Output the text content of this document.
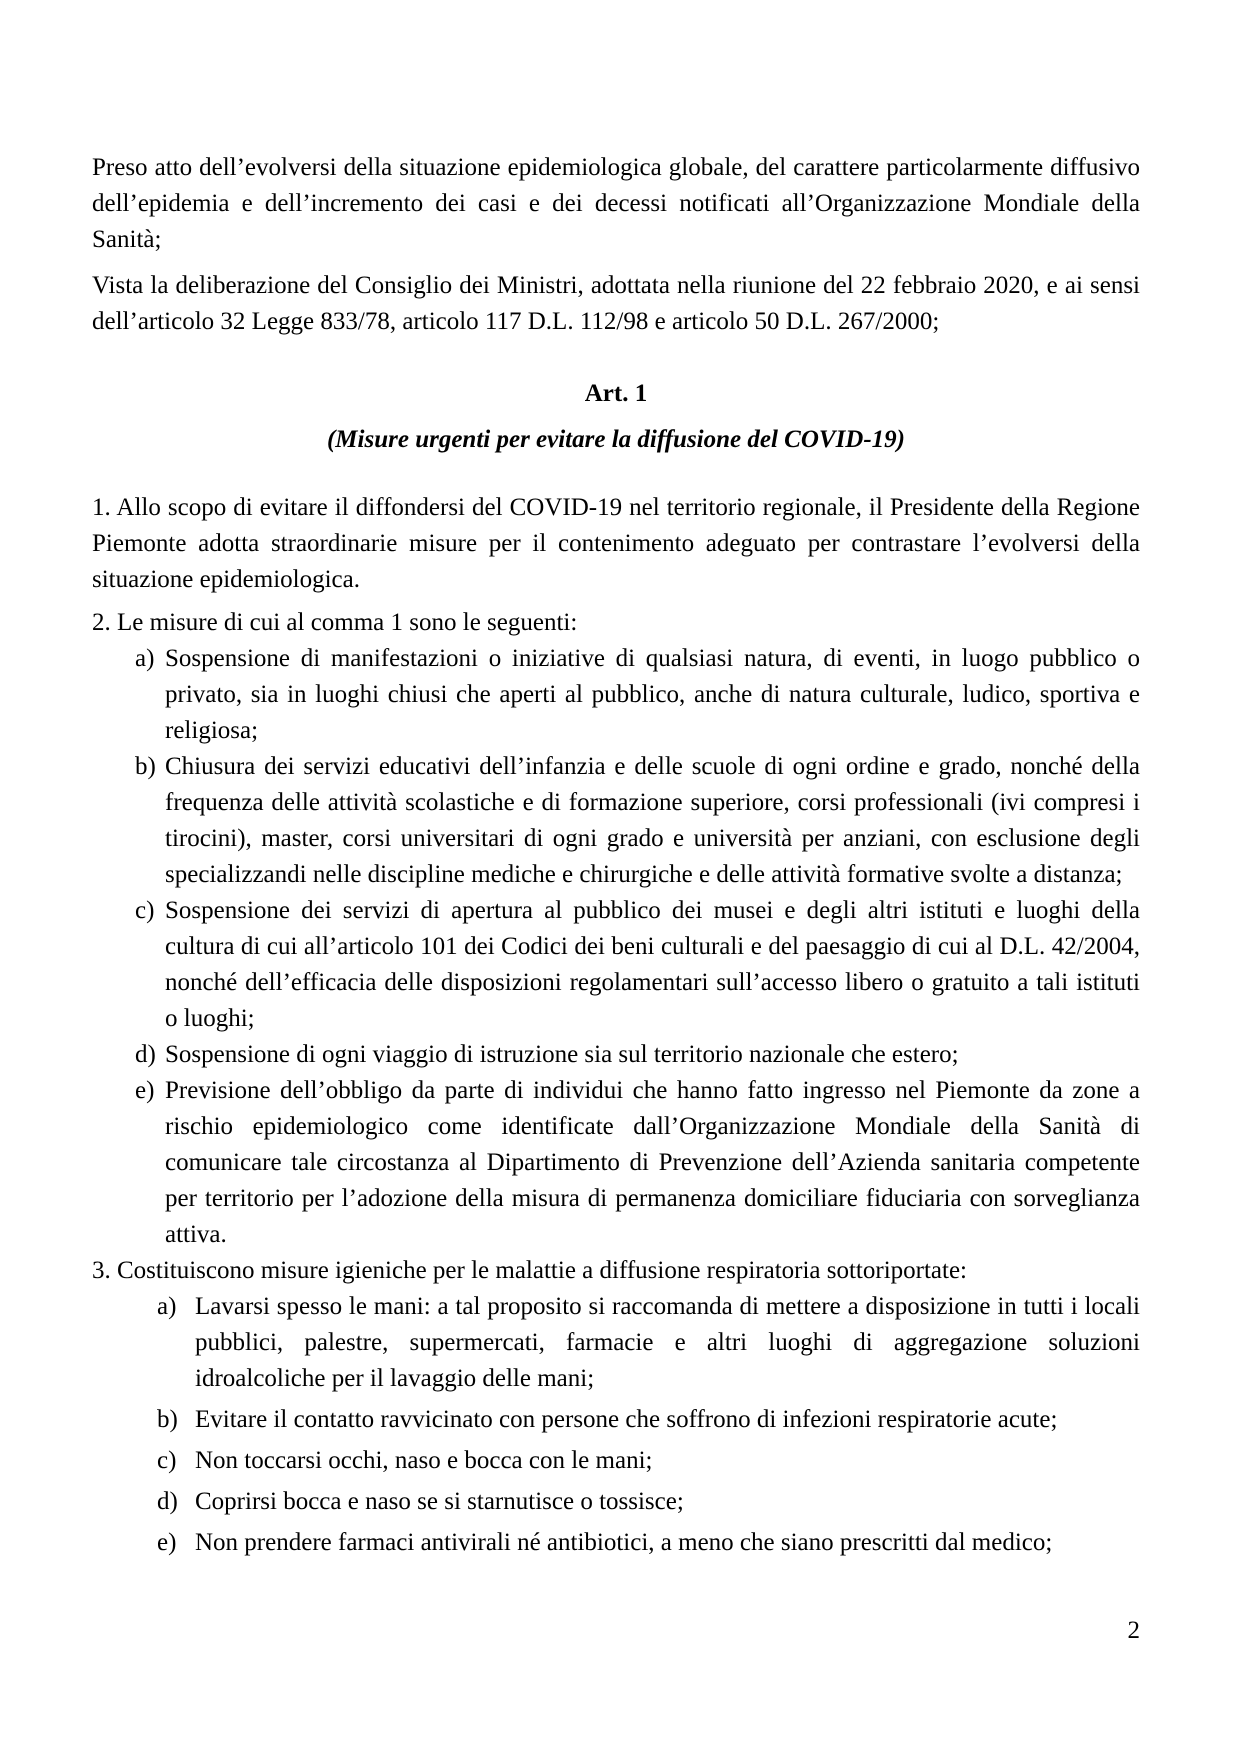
Preso atto dell’evolversi della situazione epidemiologica globale, del carattere particolarmente diffusivo dell’epidemia e dell’incremento dei casi e dei decessi notificati all’Organizzazione Mondiale della Sanità;

Vista la deliberazione del Consiglio dei Ministri, adottata nella riunione del 22 febbraio 2020, e ai sensi dell’articolo 32 Legge 833/78, articolo 117 D.L. 112/98 e articolo 50 D.L. 267/2000;

Art. 1
(Misure urgenti per evitare la diffusione del COVID-19)

1. Allo scopo di evitare il diffondersi del COVID-19 nel territorio regionale, il Presidente della Regione Piemonte adotta straordinarie misure per il contenimento adeguato per contrastare l’evolversi della situazione epidemiologica.

2. Le misure di cui al comma 1 sono le seguenti:

a) Sospensione di manifestazioni o iniziative di qualsiasi natura, di eventi, in luogo pubblico o privato, sia in luoghi chiusi che aperti al pubblico, anche di natura culturale, ludico, sportiva e religiosa;
b) Chiusura dei servizi educativi dell’infanzia e delle scuole di ogni ordine e grado, nonché della frequenza delle attività scolastiche e di formazione superiore, corsi professionali (ivi compresi i tirocini), master, corsi universitari di ogni grado e università per anziani, con esclusione degli specializzandi nelle discipline mediche e chirurgiche e delle attività formative svolte a distanza;
c) Sospensione dei servizi di apertura al pubblico dei musei e degli altri istituti e luoghi della cultura di cui all’articolo 101 dei Codici dei beni culturali e del paesaggio di cui al D.L. 42/2004, nonché dell’efficacia delle disposizioni regolamentari sull’accesso libero o gratuito a tali istituti o luoghi;
d) Sospensione di ogni viaggio di istruzione sia sul territorio nazionale che estero;
e) Previsione dell’obbligo da parte di individui che hanno fatto ingresso nel Piemonte da zone a rischio epidemiologico come identificate dall’Organizzazione Mondiale della Sanità di comunicare tale circostanza al Dipartimento di Prevenzione dell’Azienda sanitaria competente per territorio per l’adozione della misura di permanenza domiciliare fiduciaria con sorveglianza attiva.

3. Costituiscono misure igieniche per le malattie a diffusione respiratoria sottoriportate:

a) Lavarsi spesso le mani: a tal proposito si raccomanda di mettere a disposizione in tutti i locali pubblici, palestre, supermercati, farmacie e altri luoghi di aggregazione soluzioni idroalcoliche per il lavaggio delle mani;
b) Evitare il contatto ravvicinato con persone che soffrono di infezioni respiratorie acute;
c) Non toccarsi occhi, naso e bocca con le mani;
d) Coprirsi bocca e naso se si starnutisce o tossisce;
e) Non prendere farmaci antivirali né antibiotici, a meno che siano prescritti dal medico;
2
